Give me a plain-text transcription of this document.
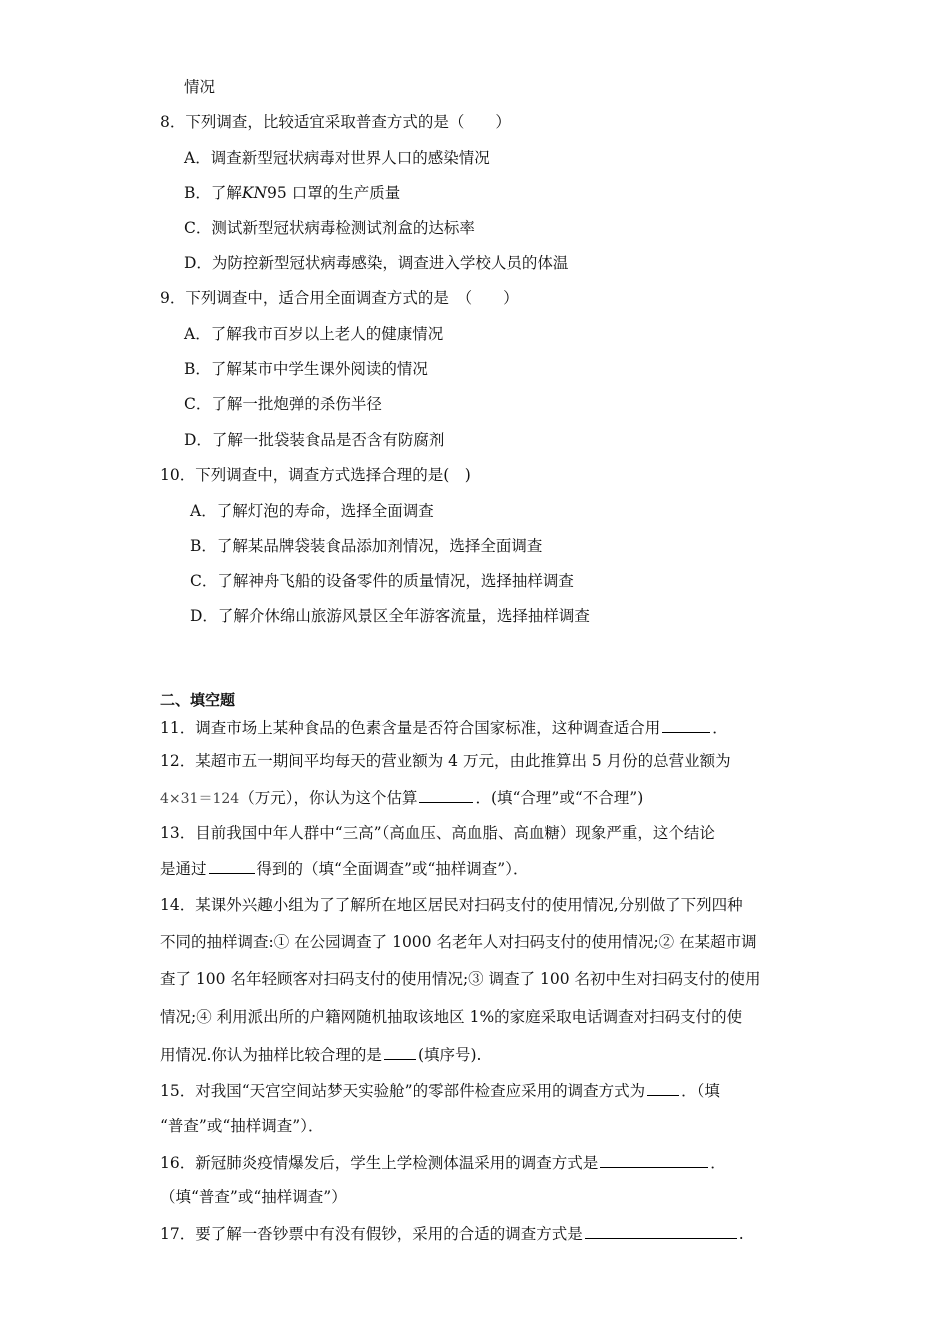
情况
8．下列调查，比较适宜采取普查方式的是（　　）
A．调查新型冠状病毒对世界人口的感染情况
B．了解KN95 口罩的生产质量
C．测试新型冠状病毒检测试剂盒的达标率
D．为防控新型冠状病毒感染，调查进入学校人员的体温
9．下列调查中，适合用全面调查方式的是　（　　）
A．了解我市百岁以上老人的健康情况
B．了解某市中学生课外阅读的情况
C．了解一批炮弹的杀伤半径
D．了解一批袋装食品是否含有防腐剂
10．下列调查中，调查方式选择合理的是(　)
A．了解灯泡的寿命，选择全面调查
B．了解某品牌袋装食品添加剂情况，选择全面调查
C．了解神舟飞船的设备零件的质量情况，选择抽样调查
D．了解介休绵山旅游风景区全年游客流量，选择抽样调查
二、填空题
11．调查市场上某种食品的色素含量是否符合国家标准，这种调查适合用	．
12．某超市五一期间平均每天的营业额为 4 万元，由此推算出 5 月份的总营业额为
4×31＝124（万元），你认为这个估算	．(填“合理”或“不合理”)
13．目前我国中年人群中“三高”（高血压、高血脂、高血糖）现象严重，这个结论
是通过	得到的（填“全面调查”或“抽样调查”）．
14．某课外兴趣小组为了了解所在地区居民对扫码支付的使用情况,分别做了下列四种
不同的抽样调查:① 在公园调查了 1000 名老年人对扫码支付的使用情况;② 在某超市调
查了 100 名年轻顾客对扫码支付的使用情况;③ 调查了 100 名初中生对扫码支付的使用
情况;④ 利用派出所的户籍网随机抽取该地区 1%的家庭采取电话调查对扫码支付的使
用情况.你认为抽样比较合理的是 (填序号).
15．对我国“天宫空间站梦天实验舱”的零部件检查应采用的调查方式为 ．（填
“普查”或“抽样调查”）．
16．新冠肺炎疫情爆发后，学生上学检测体温采用的调查方式是	．
（填“普查”或“抽样调查”）
17．要了解一沓钞票中有没有假钞，采用的合适的调查方式是	.
